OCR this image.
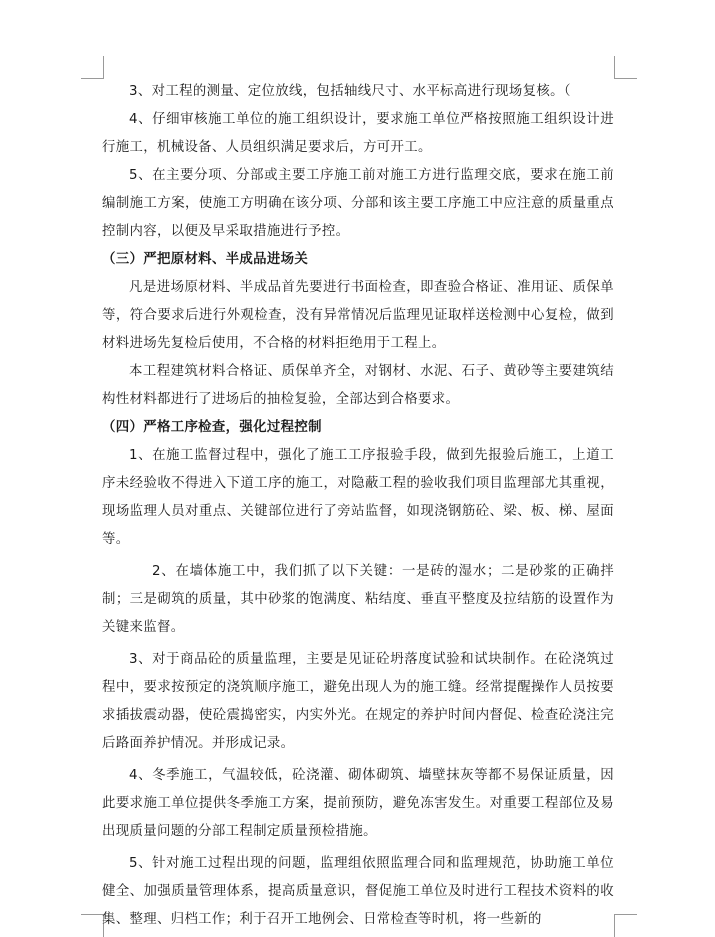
3、对工程的测量、定位放线，包括轴线尺寸、水平标高进行现场复核。（

4、仔细审核施工单位的施工组织设计，要求施工单位严格按照施工组织设计进行施工，机械设备、人员组织满足要求后，方可开工。

5、在主要分项、分部或主要工序施工前对施工方进行监理交底，要求在施工前编制施工方案，使施工方明确在该分项、分部和该主要工序施工中应注意的质量重点控制内容，以便及早采取措施进行予控。

（三）严把原材料、半成品进场关

凡是进场原材料、半成品首先要进行书面检查，即查验合格证、准用证、质保单等，符合要求后进行外观检查，没有异常情况后监理见证取样送检测中心复检，做到材料进场先复检后使用，不合格的材料拒绝用于工程上。

本工程建筑材料合格证、质保单齐全，对钢材、水泥、石子、黄砂等主要建筑结构性材料都进行了进场后的抽检复验，全部达到合格要求。

（四）严格工序检查，强化过程控制

1、在施工监督过程中，强化了施工工序报验手段，做到先报验后施工，上道工序未经验收不得进入下道工序的施工，对隐蔽工程的验收我们项目监理部尤其重视，现场监理人员对重点、关键部位进行了旁站监督，如现浇钢筋砼、梁、板、梯、屋面等。

2、在墙体施工中，我们抓了以下关键：一是砖的湿水；二是砂浆的正确拌制；三是砌筑的质量，其中砂浆的饱满度、粘结度、垂直平整度及拉结筋的设置作为关键来监督。

3、对于商品砼的质量监理，主要是见证砼坍落度试验和试块制作。在砼浇筑过程中，要求按预定的浇筑顺序施工，避免出现人为的施工缝。经常提醒操作人员按要求插拔震动器，使砼震捣密实，内实外光。在规定的养护时间内督促、检查砼浇注完后路面养护情况。并形成记录。

4、冬季施工，气温较低，砼浇灌、砌体砌筑、墙壁抹灰等都不易保证质量，因此要求施工单位提供冬季施工方案，提前预防，避免冻害发生。对重要工程部位及易出现质量问题的分部工程制定质量预检措施。

5、针对施工过程出现的问题，监理组依照监理合同和监理规范，协助施工单位健全、加强质量管理体系，提高质量意识，督促施工单位及时进行工程技术资料的收集、整理、归档工作；利于召开工地例会、日常检查等时机，将一些新的
